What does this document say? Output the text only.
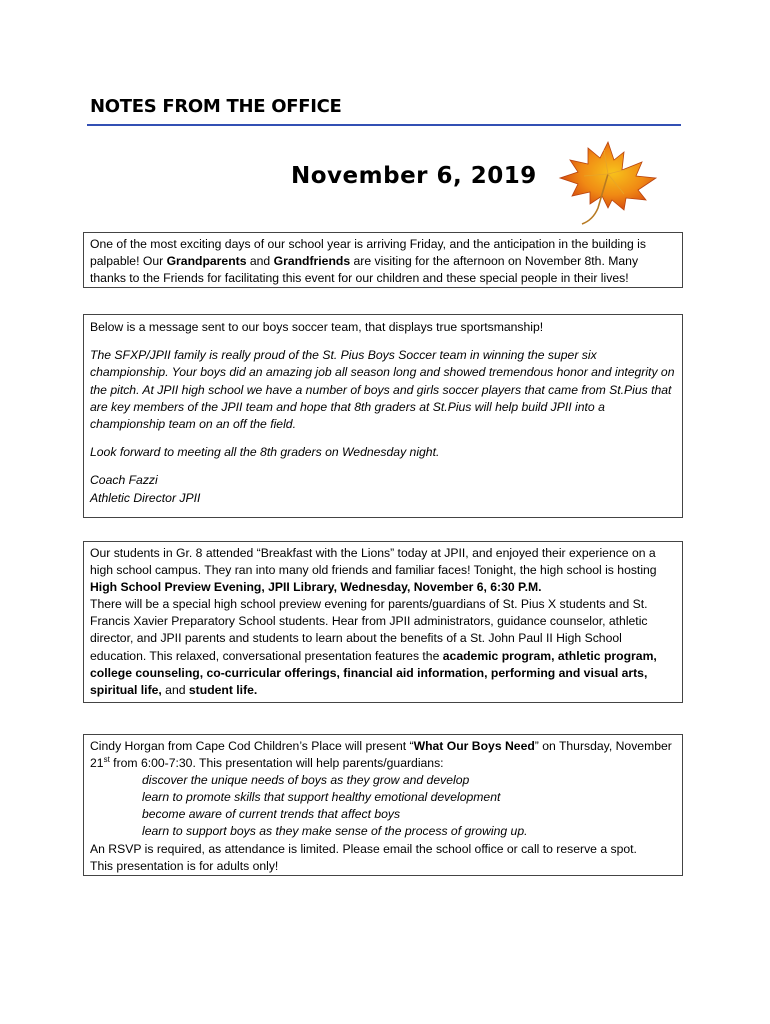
NOTES FROM THE OFFICE
November 6, 2019

One of the most exciting days of our school year is arriving Friday, and the anticipation in the building is palpable! Our Grandparents and Grandfriends are visiting for the afternoon on November 8th. Many thanks to the Friends for facilitating this event for our children and these special people in their lives!

Below is a message sent to our boys soccer team, that displays true sportsmanship!

The SFXP/JPII family is really proud of the St. Pius Boys Soccer team in winning the super six championship. Your boys did an amazing job all season long and showed tremendous honor and integrity on the pitch. At JPII high school we have a number of boys and girls soccer players that came from St.Pius that are key members of the JPII team and hope that 8th graders at St.Pius will help build JPII into a championship team on an off the field.

Look forward to meeting all the 8th graders on Wednesday night.

Coach Fazzi

Athletic Director JPII

Our students in Gr. 8 attended “Breakfast with the Lions” today at JPII, and enjoyed their experience on a high school campus. They ran into many old friends and familiar faces! Tonight, the high school is hosting High School Preview Evening, JPII Library, Wednesday, November 6, 6:30 P.M.

There will be a special high school preview evening for parents/guardians of St. Pius X students and St. Francis Xavier Preparatory School students. Hear from JPII administrators, guidance counselor, athletic director, and JPII parents and students to learn about the benefits of a St. John Paul II High School education. This relaxed, conversational presentation features the academic program, athletic program, college counseling, co-curricular offerings, financial aid information, performing and visual arts, spiritual life, and student life.

Cindy Horgan from Cape Cod Children’s Place will present “What Our Boys Need” on Thursday, November 21st from 6:00-7:30. This presentation will help parents/guardians:

discover the unique needs of boys as they grow and develop
learn to promote skills that support healthy emotional development
become aware of current trends that affect boys
learn to support boys as they make sense of the process of growing up.

An RSVP is required, as attendance is limited. Please email the school office or call to reserve a spot.

This presentation is for adults only!
